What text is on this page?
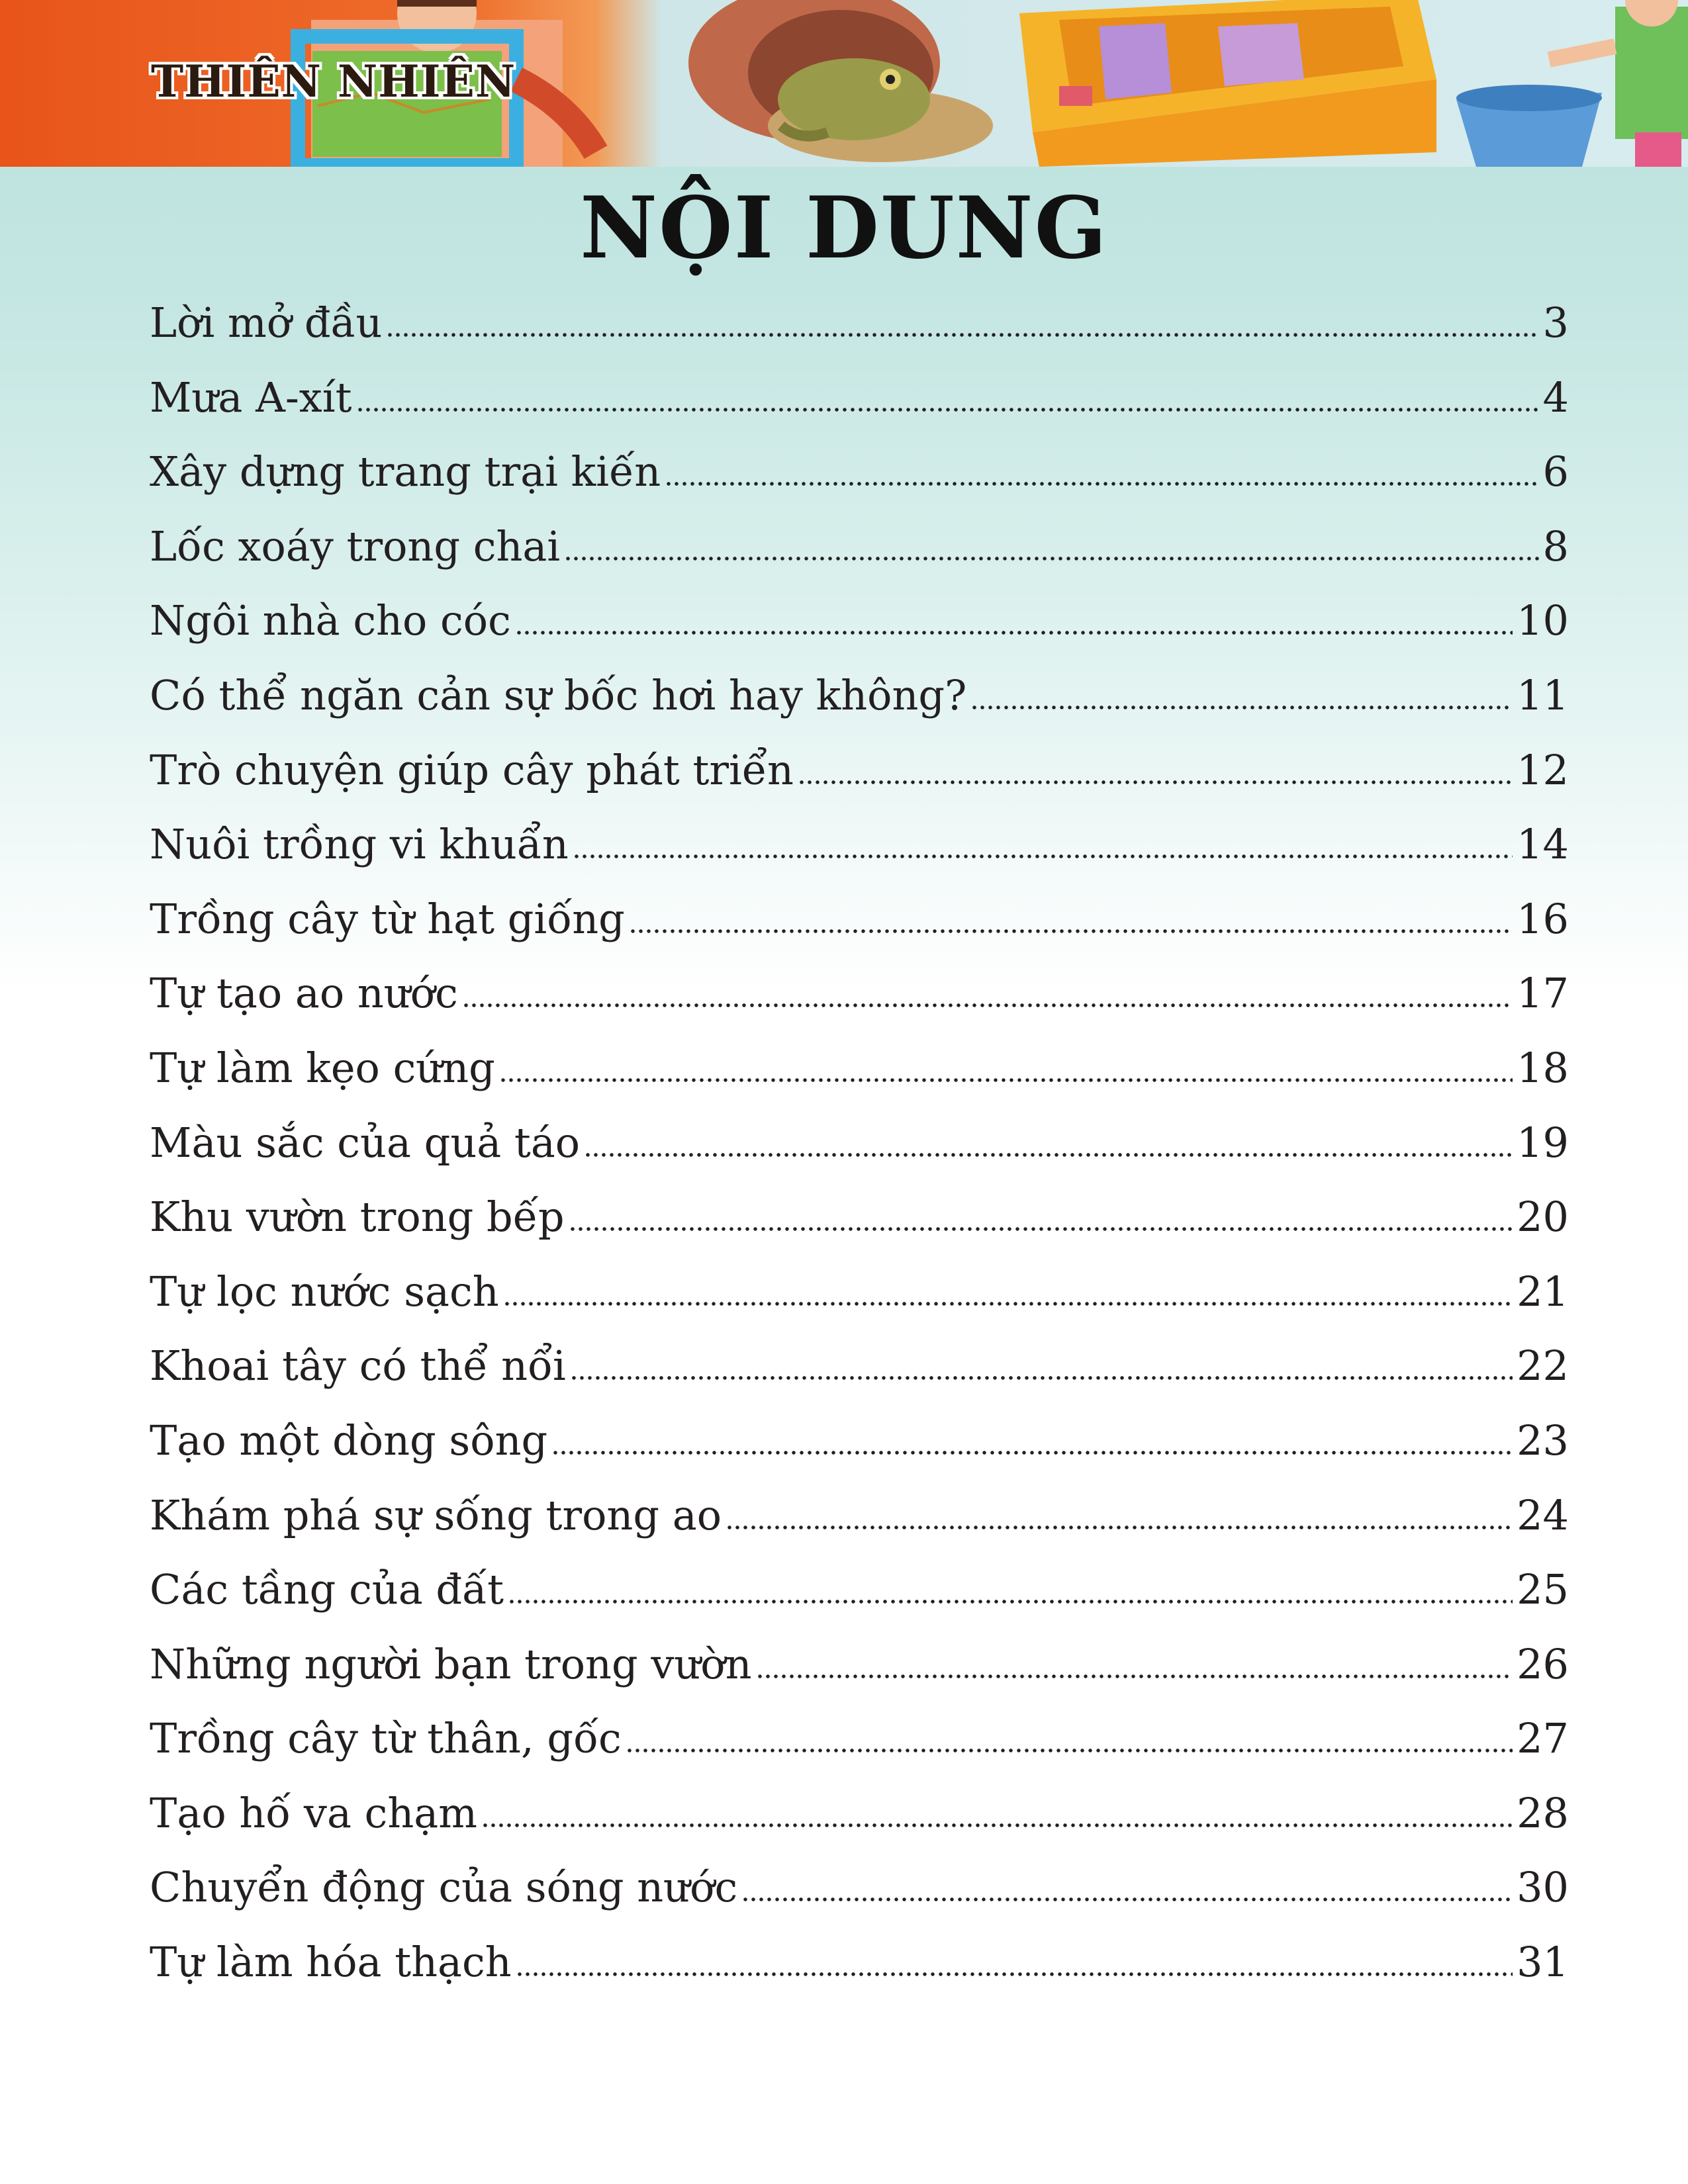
THIÊN NHIÊN
NỘI DUNG
Lời mở đầu	3
Mưa A-xít	4
Xây dựng trang trại kiến	6
Lốc xoáy trong chai	8
Ngôi nhà cho cóc	10
Có thể ngăn cản sự bốc hơi hay không?	11
Trò chuyện giúp cây phát triển	12
Nuôi trồng vi khuẩn	14
Trồng cây từ hạt giống	16
Tự tạo ao nước	17
Tự làm kẹo cứng	18
Màu sắc của quả táo	19
Khu vườn trong bếp	20
Tự lọc nước sạch	21
Khoai tây có thể nổi	22
Tạo một dòng sông	23
Khám phá sự sống trong ao	24
Các tầng của đất	25
Những người bạn trong vườn	26
Trồng cây từ thân, gốc	27
Tạo hố va chạm	28
Chuyển động của sóng nước	30
Tự làm hóa thạch	31
